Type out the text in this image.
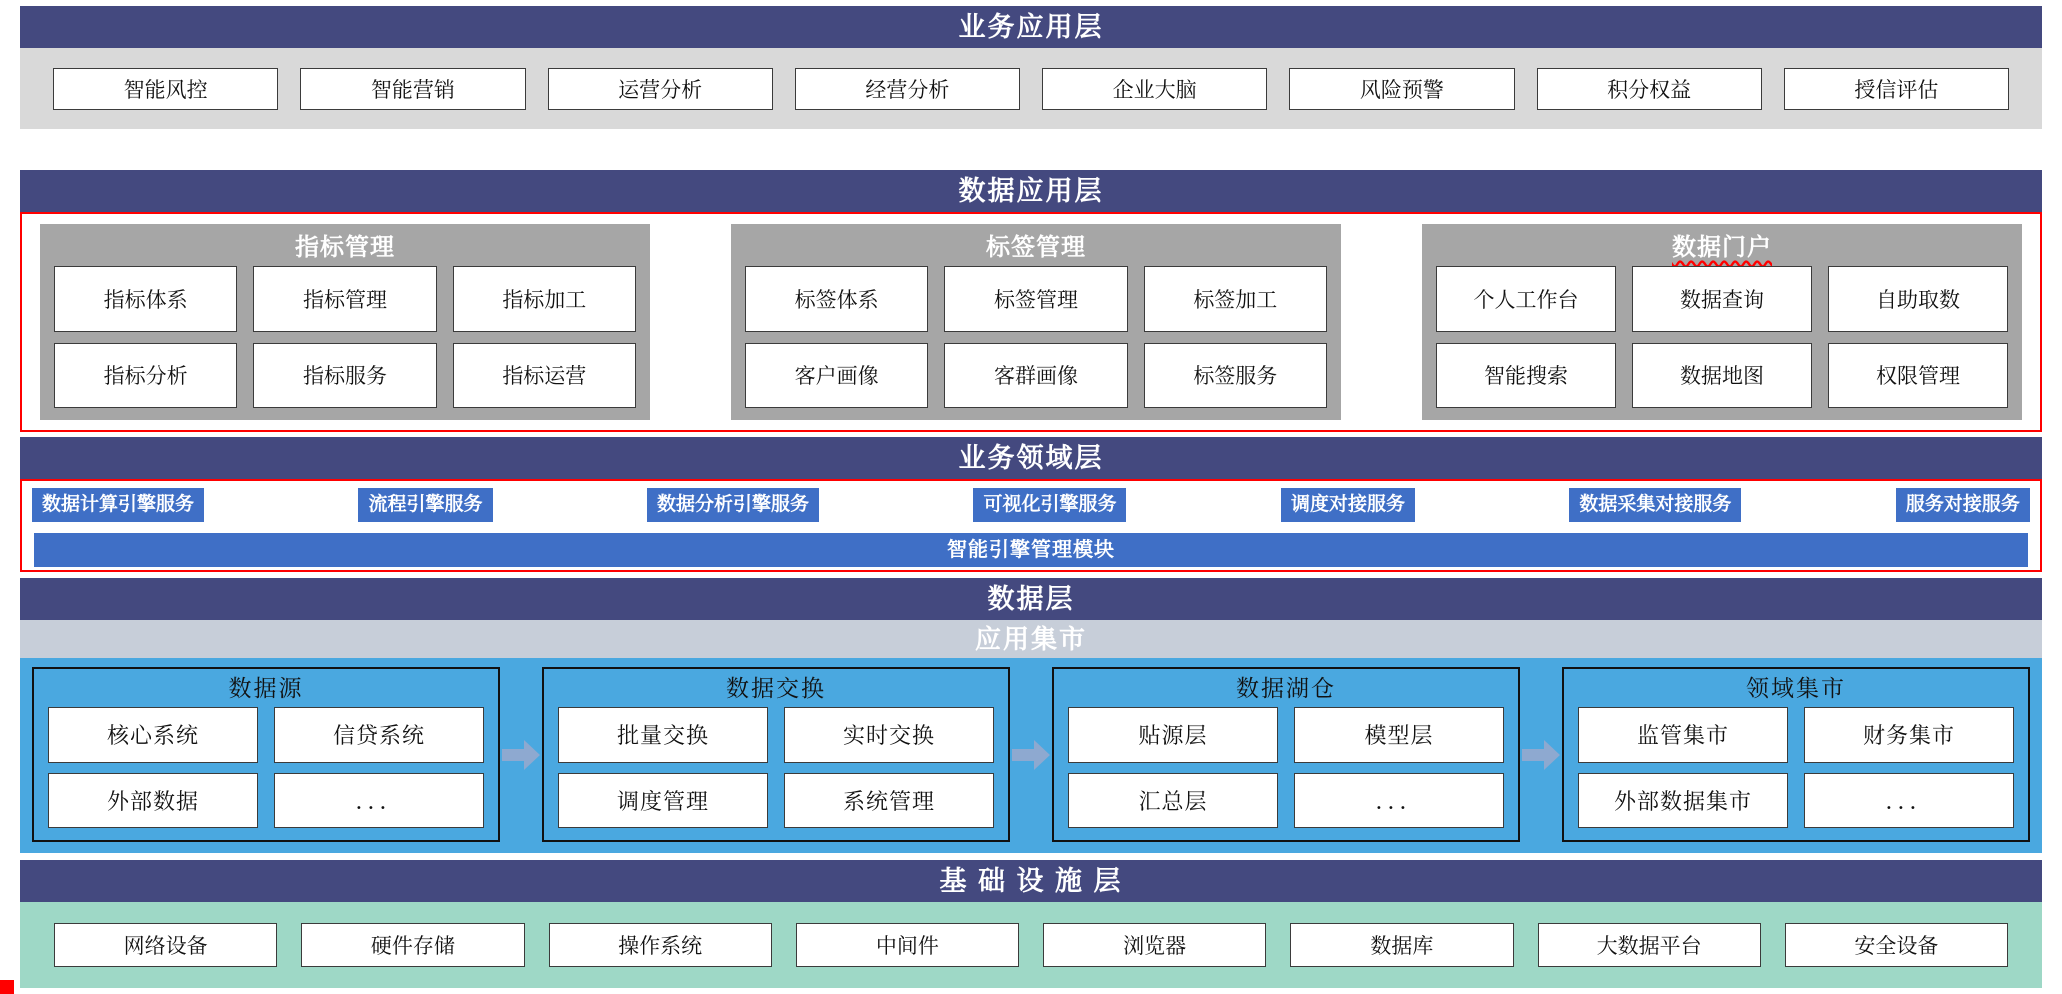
业务应用层
智能风控	智能营销	运营分析	经营分析	企业大脑	风险预警	积分权益	授信评估
数据应用层
指标管理
指标体系	指标管理	指标加工
指标分析	指标服务	指标运营
标签管理
标签体系	标签管理	标签加工
客户画像	客群画像	标签服务
数据门户
个人工作台	数据查询	自助取数
智能搜索	数据地图	权限管理
业务领域层
数据计算引擎服务	流程引擎服务	数据分析引擎服务	可视化引擎服务	调度对接服务	数据采集对接服务	服务对接服务
智能引擎管理模块
数据层
应用集市
数据源
核心系统	信贷系统
外部数据	．．．
数据交换
批量交换	实时交换
调度管理	系统管理
数据湖仓
贴源层	模型层
汇总层	．．．
领域集市
监管集市	财务集市
外部数据集市	．．．
基 础 设 施 层
网络设备	硬件存储	操作系统	中间件	浏览器	数据库	大数据平台	安全设备
